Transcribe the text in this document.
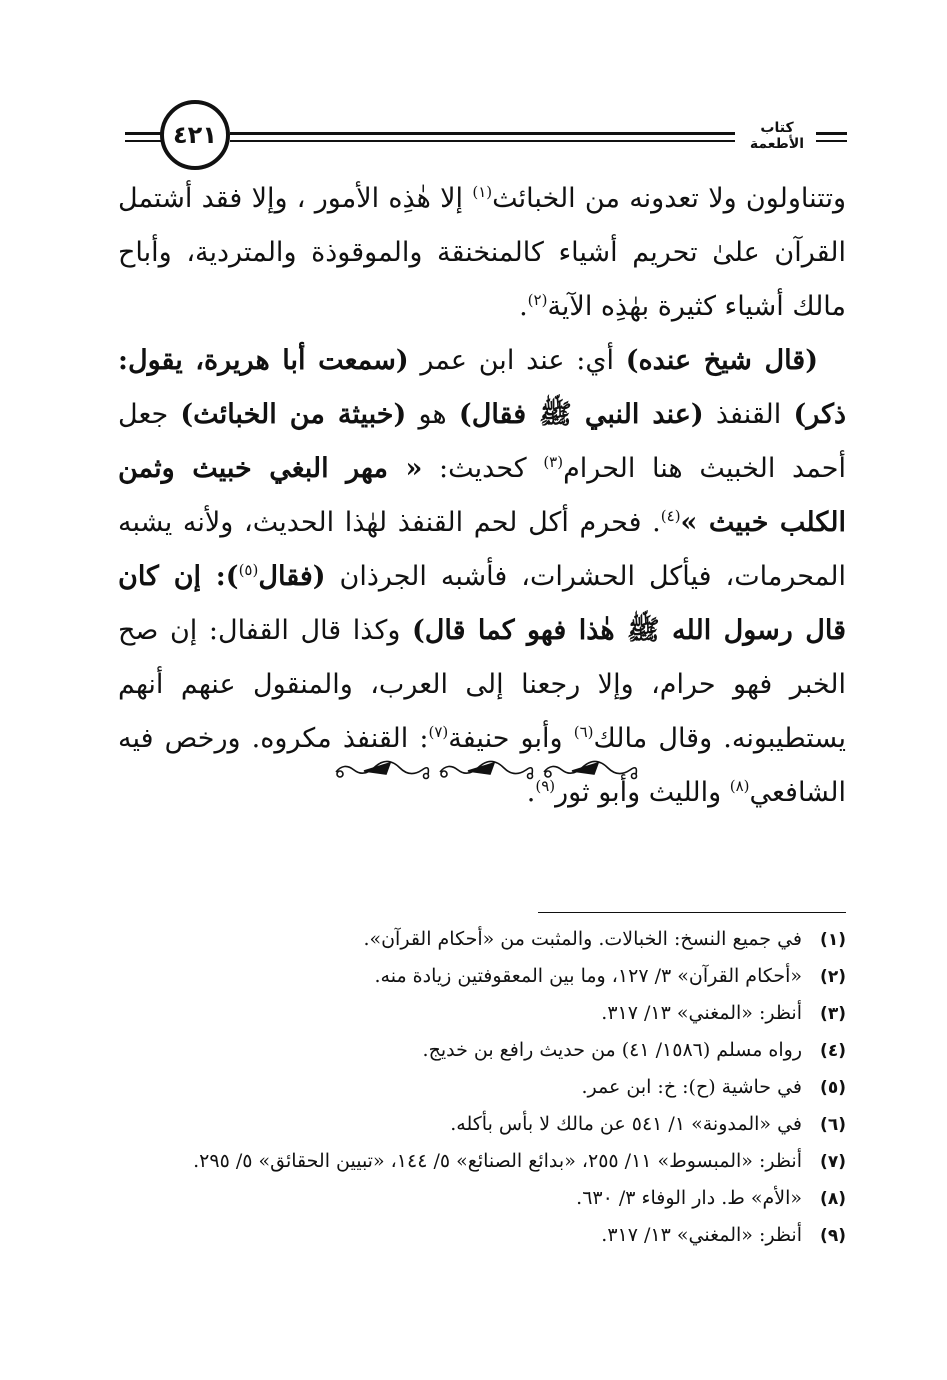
٤٢١	كتاب الأطعمة

وتتناولون ولا تعدونه من الخبائث$^{(١)}$ إلا هٰذِه الأمور ، وإلا فقد أشتمل القرآن علىٰ تحريم أشياء كالمنخنقة والموقوذة والمتردية، وأباح مالك أشياء كثيرة بهٰذِه الآية$^{(٢)}$.

(قال شيخ عنده) أي: عند ابن عمر (سمعت أبا هريرة، يقول: ذكر) القنفذ (عند النبي ﷺ فقال) هو (خبيثة من الخبائث) جعل أحمد الخبيث هنا الحرام$^{(٣)}$ كحديث: « مهر البغي خبيث وثمن الكلب خبيث »$^{(٤)}$. فحرم أكل لحم القنفذ لهٰذا الحديث، ولأنه يشبه المحرمات، فيأكل الحشرات، فأشبه الجرذان (فقال$^{(٥)}$): إن كان قال رسول الله ﷺ هٰذا فهو كما قال) وكذا قال القفال: إن صح الخبر فهو حرام، وإلا رجعنا إلى العرب، والمنقول عنهم أنهم يستطيبونه. وقال مالك$^{(٦)}$ وأبو حنيفة$^{(٧)}$: القنفذ مكروه. ورخص فيه الشافعي$^{(٨)}$ والليث وأبو ثور$^{(٩)}$.

(١)في جميع النسخ: الخبالات. والمثبت من «أحكام القرآن».
(٢)«أحكام القرآن» ٣/ ١٢٧، وما بين المعقوفتين زيادة منه.
(٣)أنظر: «المغني» ١٣/ ٣١٧.
(٤)رواه مسلم (١٥٨٦/ ٤١) من حديث رافع بن خديج.
(٥)في حاشية (ح): خ: ابن عمر.
(٦)في «المدونة» ١/ ٥٤١ عن مالك لا بأس بأكله.
(٧)أنظر: «المبسوط» ١١/ ٢٥٥، «بدائع الصنائع» ٥/ ١٤٤، «تبيين الحقائق» ٥/ ٢٩٥.
(٨)«الأم» ط. دار الوفاء ٣/ ٦٣٠.
(٩)أنظر: «المغني» ١٣/ ٣١٧.
